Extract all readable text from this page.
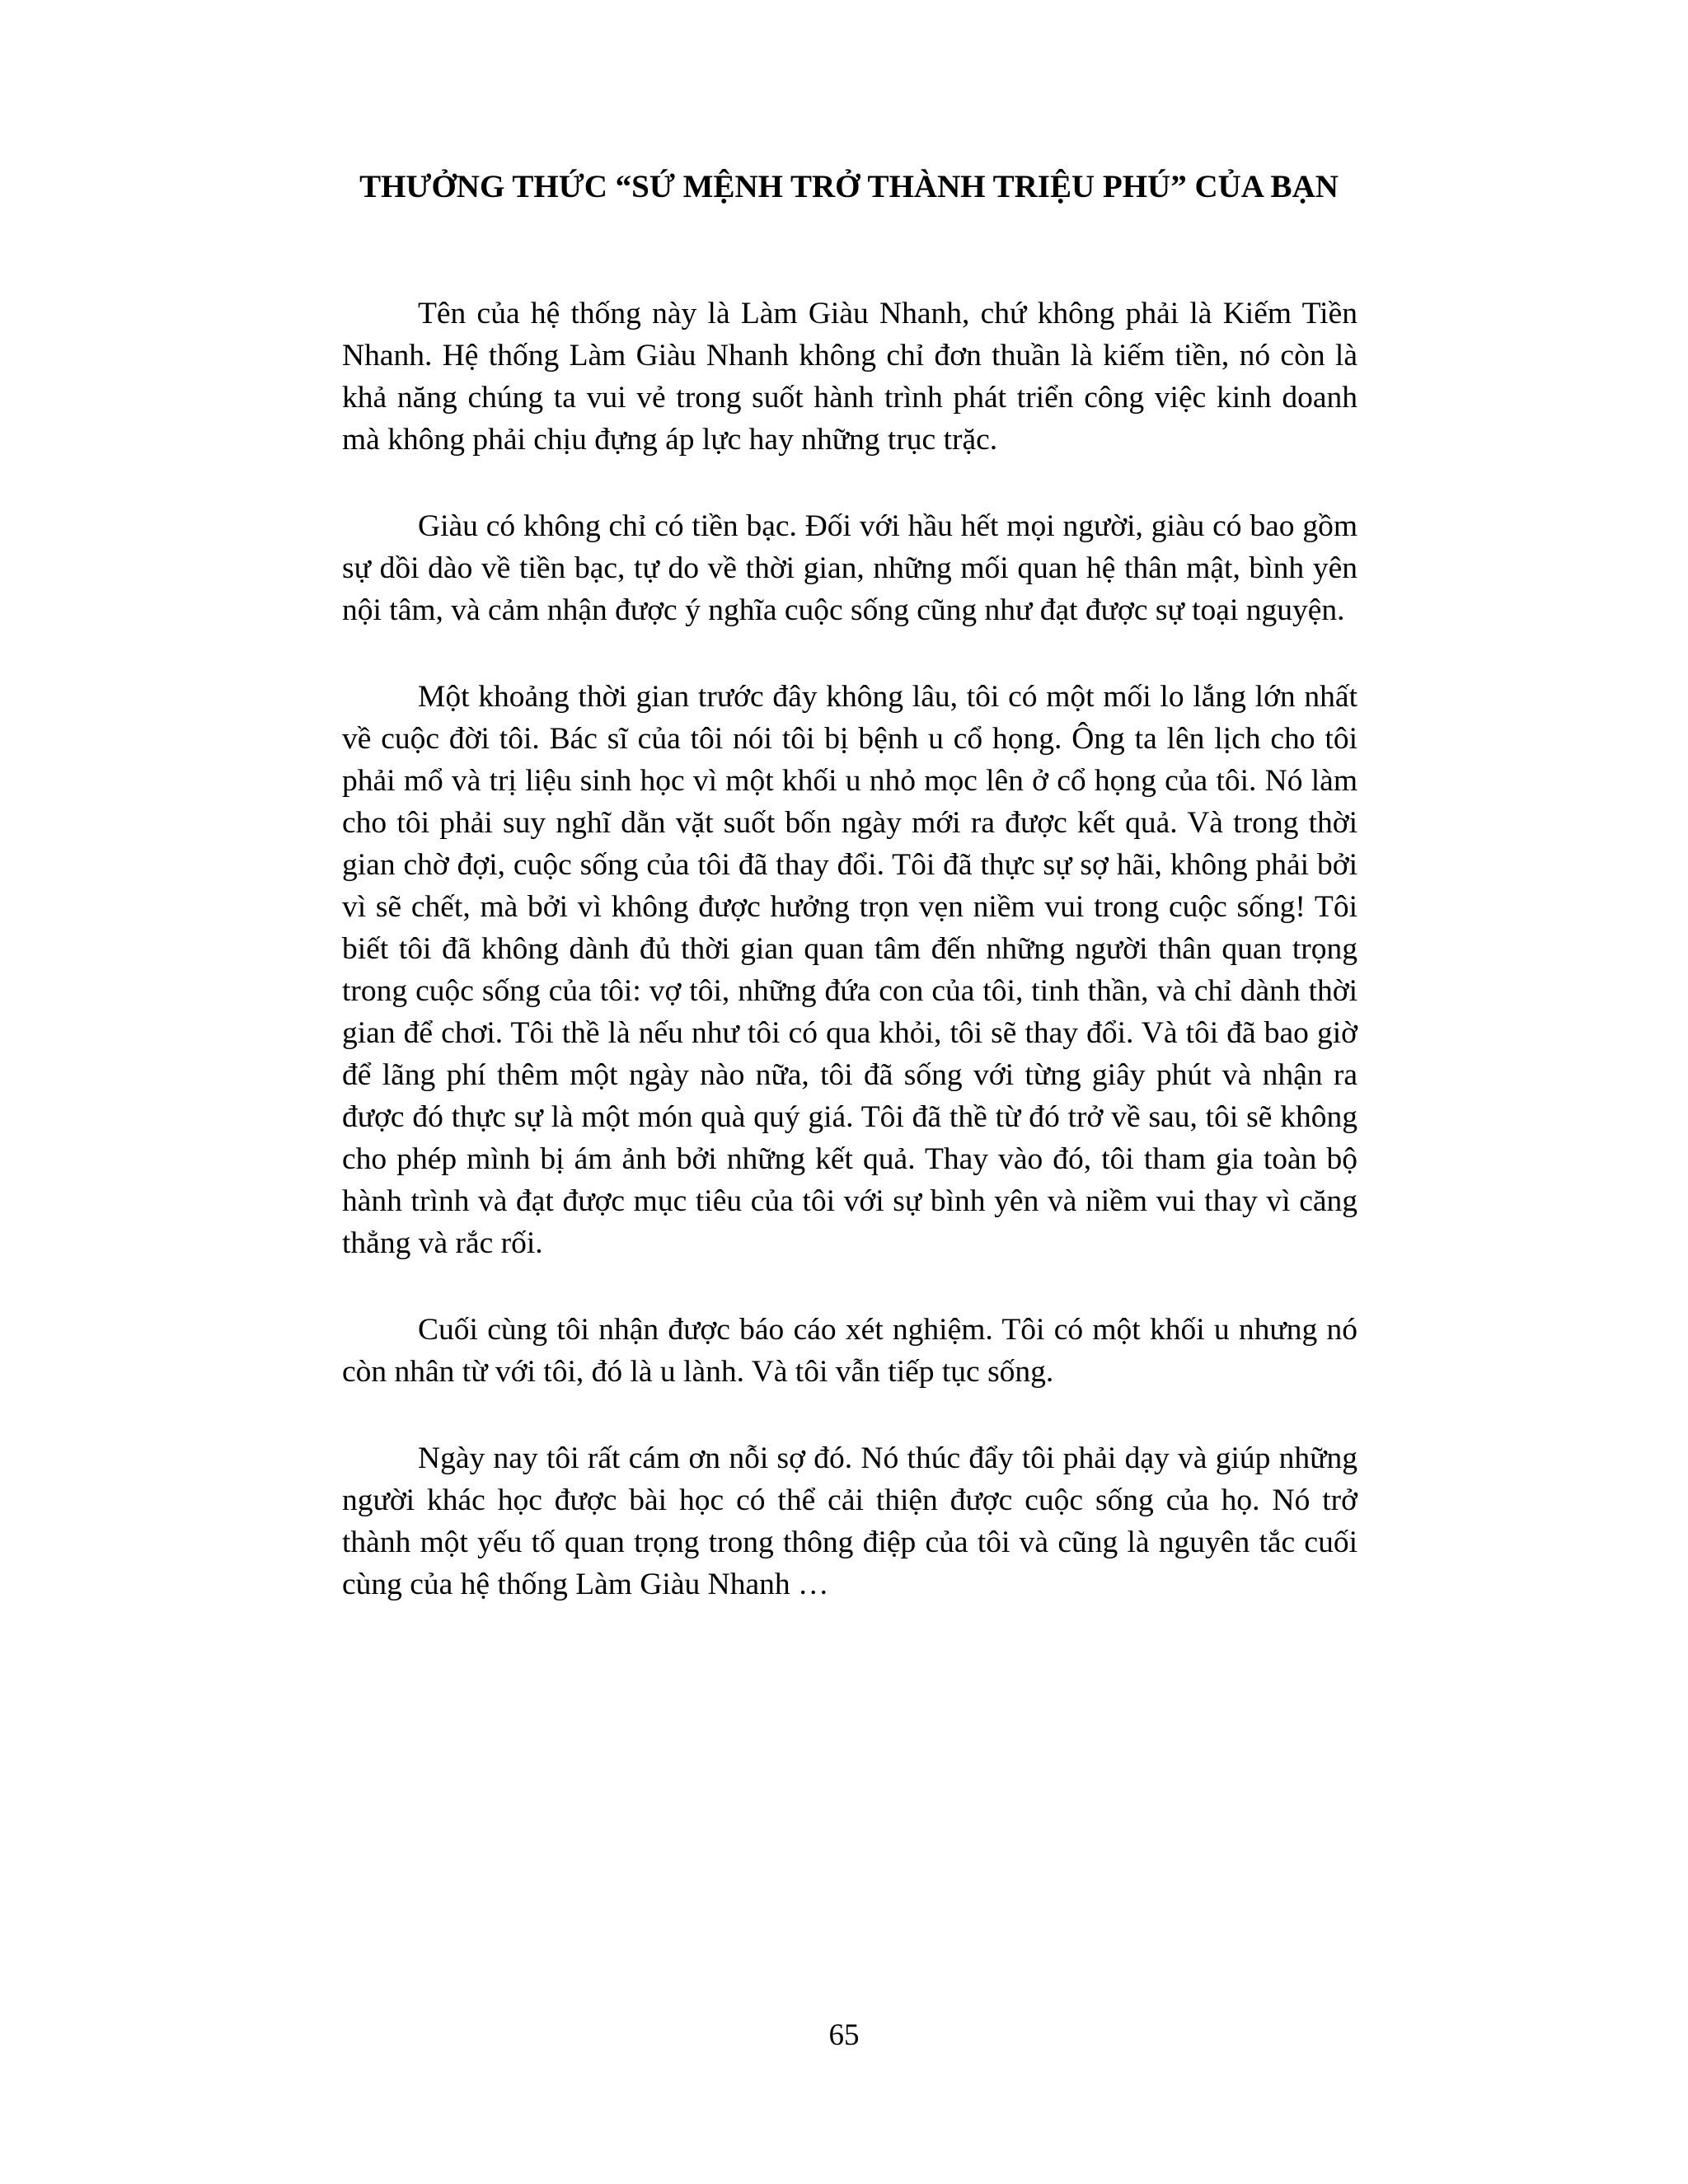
THƯỞNG THỨC “SỨ MỆNH TRỞ THÀNH TRIỆU PHÚ” CỦA BẠN

Tên của hệ thống này là Làm Giàu Nhanh, chứ không phải là Kiếm Tiền Nhanh. Hệ thống Làm Giàu Nhanh không chỉ đơn thuần là kiếm tiền, nó còn là khả năng chúng ta vui vẻ trong suốt hành trình phát triển công việc kinh doanh mà không phải chịu đựng áp lực hay những trục trặc.

Giàu có không chỉ có tiền bạc. Đối với hầu hết mọi người, giàu có bao gồm sự dồi dào về tiền bạc, tự do về thời gian, những mối quan hệ thân mật, bình yên nội tâm, và cảm nhận được ý nghĩa cuộc sống cũng như đạt được sự toại nguyện.

Một khoảng thời gian trước đây không lâu, tôi có một mối lo lắng lớn nhất về cuộc đời tôi. Bác sĩ của tôi nói tôi bị bệnh u cổ họng. Ông ta lên lịch cho tôi phải mổ và trị liệu sinh học vì một khối u nhỏ mọc lên ở cổ họng của tôi. Nó làm cho tôi phải suy nghĩ dằn vặt suốt bốn ngày mới ra được kết quả. Và trong thời gian chờ đợi, cuộc sống của tôi đã thay đổi. Tôi đã thực sự sợ hãi, không phải bởi vì sẽ chết, mà bởi vì không được hưởng trọn vẹn niềm vui trong cuộc sống! Tôi biết tôi đã không dành đủ thời gian quan tâm đến những người thân quan trọng trong cuộc sống của tôi: vợ tôi, những đứa con của tôi, tinh thần, và chỉ dành thời gian để chơi. Tôi thề là nếu như tôi có qua khỏi, tôi sẽ thay đổi. Và tôi đã bao giờ để lãng phí thêm một ngày nào nữa, tôi đã sống với từng giây phút và nhận ra được đó thực sự là một món quà quý giá. Tôi đã thề từ đó trở về sau, tôi sẽ không cho phép mình bị ám ảnh bởi những kết quả. Thay vào đó, tôi tham gia toàn bộ hành trình và đạt được mục tiêu của tôi với sự bình yên và niềm vui thay vì căng thẳng và rắc rối.

Cuối cùng tôi nhận được báo cáo xét nghiệm. Tôi có một khối u nhưng nó còn nhân từ với tôi, đó là u lành. Và tôi vẫn tiếp tục sống.

Ngày nay tôi rất cám ơn nỗi sợ đó. Nó thúc đẩy tôi phải dạy và giúp những người khác học được bài học có thể cải thiện được cuộc sống của họ. Nó trở thành một yếu tố quan trọng trong thông điệp của tôi và cũng là nguyên tắc cuối cùng của hệ thống Làm Giàu Nhanh …

65
